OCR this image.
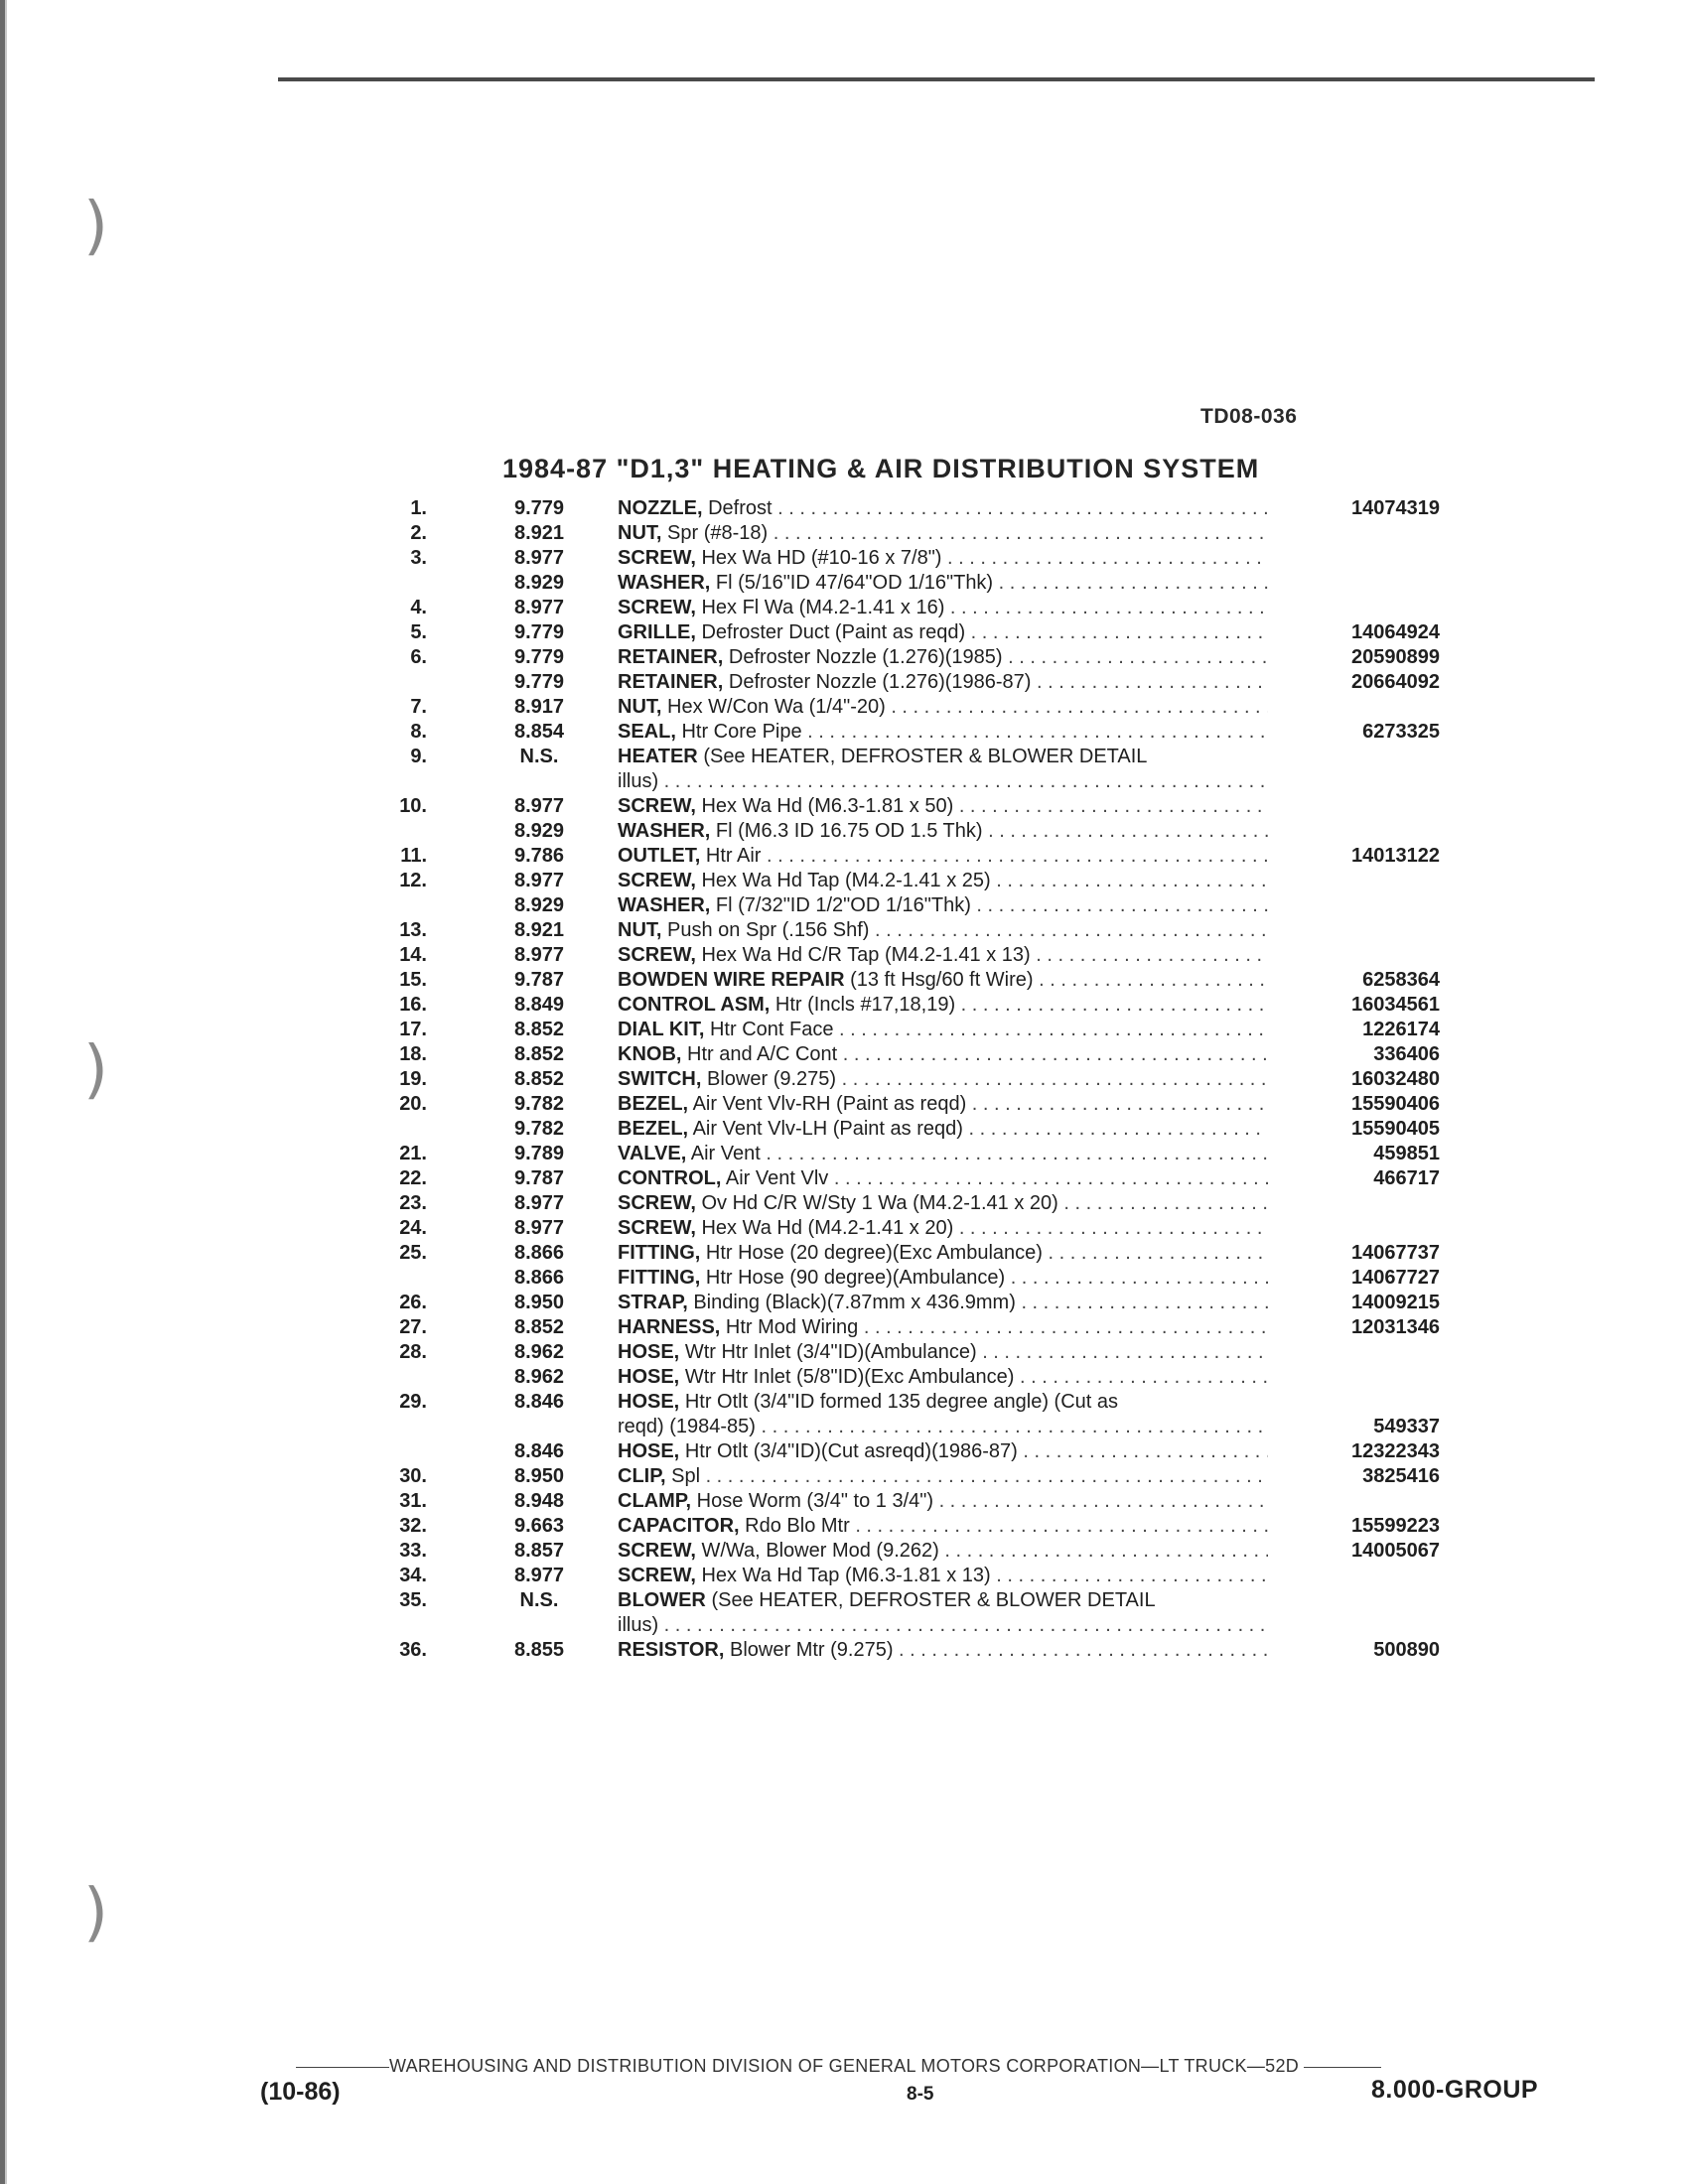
)
)
)
TD08-036
1984-87 "D1,3" HEATING & AIR DISTRIBUTION SYSTEM
1.	9.779	NOZZLE, Defrost . . .	14074319
2.	8.921	NUT, Spr (#8-18) . . .
3.	8.977	SCREW, Hex Wa HD (#10-16 x 7/8") . . .
8.929	WASHER, Fl (5/16"ID 47/64"OD 1/16"Thk) . . .
4.	8.977	SCREW, Hex Fl Wa (M4.2-1.41 x 16) . . .
5.	9.779	GRILLE, Defroster Duct (Paint as reqd) . . .	14064924
6.	9.779	RETAINER, Defroster Nozzle (1.276)(1985) . . .	20590899
9.779	RETAINER, Defroster Nozzle (1.276)(1986-87) . . .	20664092
7.	8.917	NUT, Hex W/Con Wa (1/4"-20) . . .
8.	8.854	SEAL, Htr Core Pipe . . .	6273325
9.	N.S.	HEATER (See HEATER, DEFROSTER & BLOWER DETAIL
illus) . . .
10.	8.977	SCREW, Hex Wa Hd (M6.3-1.81 x 50) . . .
8.929	WASHER, Fl (M6.3 ID 16.75 OD 1.5 Thk) . . .
11.	9.786	OUTLET, Htr Air . . .	14013122
12.	8.977	SCREW, Hex Wa Hd Tap (M4.2-1.41 x 25) . . .
8.929	WASHER, Fl (7/32"ID 1/2"OD 1/16"Thk) . . .
13.	8.921	NUT, Push on Spr (.156 Shf) . . .
14.	8.977	SCREW, Hex Wa Hd C/R Tap (M4.2-1.41 x 13) . . .
15.	9.787	BOWDEN WIRE REPAIR (13 ft Hsg/60 ft Wire) . . .	6258364
16.	8.849	CONTROL ASM, Htr (Incls #17,18,19) . . .	16034561
17.	8.852	DIAL KIT, Htr Cont Face . . .	1226174
18.	8.852	KNOB, Htr and A/C Cont . . .	336406
19.	8.852	SWITCH, Blower (9.275) . . .	16032480
20.	9.782	BEZEL, Air Vent Vlv-RH (Paint as reqd) . . .	15590406
9.782	BEZEL, Air Vent Vlv-LH (Paint as reqd) . . .	15590405
21.	9.789	VALVE, Air Vent . . .	459851
22.	9.787	CONTROL, Air Vent Vlv . . .	466717
23.	8.977	SCREW, Ov Hd C/R W/Sty 1 Wa (M4.2-1.41 x 20) . . .
24.	8.977	SCREW, Hex Wa Hd (M4.2-1.41 x 20) . . .
25.	8.866	FITTING, Htr Hose (20 degree)(Exc Ambulance) . . .	14067737
8.866	FITTING, Htr Hose (90 degree)(Ambulance) . . .	14067727
26.	8.950	STRAP, Binding (Black)(7.87mm x 436.9mm) . . .	14009215
27.	8.852	HARNESS, Htr Mod Wiring . . .	12031346
28.	8.962	HOSE, Wtr Htr Inlet (3/4"ID)(Ambulance) . . .
8.962	HOSE, Wtr Htr Inlet (5/8"ID)(Exc Ambulance) . . .
29.	8.846	HOSE, Htr Otlt (3/4"ID formed 135 degree angle) (Cut as
reqd) (1984-85) . . .	549337
8.846	HOSE, Htr Otlt (3/4"ID)(Cut asreqd)(1986-87) . . .	12322343
30.	8.950	CLIP, Spl . . .	3825416
31.	8.948	CLAMP, Hose Worm (3/4" to 1 3/4") . . .
32.	9.663	CAPACITOR, Rdo Blo Mtr . . .	15599223
33.	8.857	SCREW, W/Wa, Blower Mod (9.262) . . .	14005067
34.	8.977	SCREW, Hex Wa Hd Tap (M6.3-1.81 x 13) . . .
35.	N.S.	BLOWER (See HEATER, DEFROSTER & BLOWER DETAIL
illus) . . .
36.	8.855	RESISTOR, Blower Mtr (9.275) . . .	500890
WAREHOUSING AND DISTRIBUTION DIVISION OF GENERAL MOTORS CORPORATION—LT TRUCK—52D
(10-86)	8-5	8.000-GROUP
